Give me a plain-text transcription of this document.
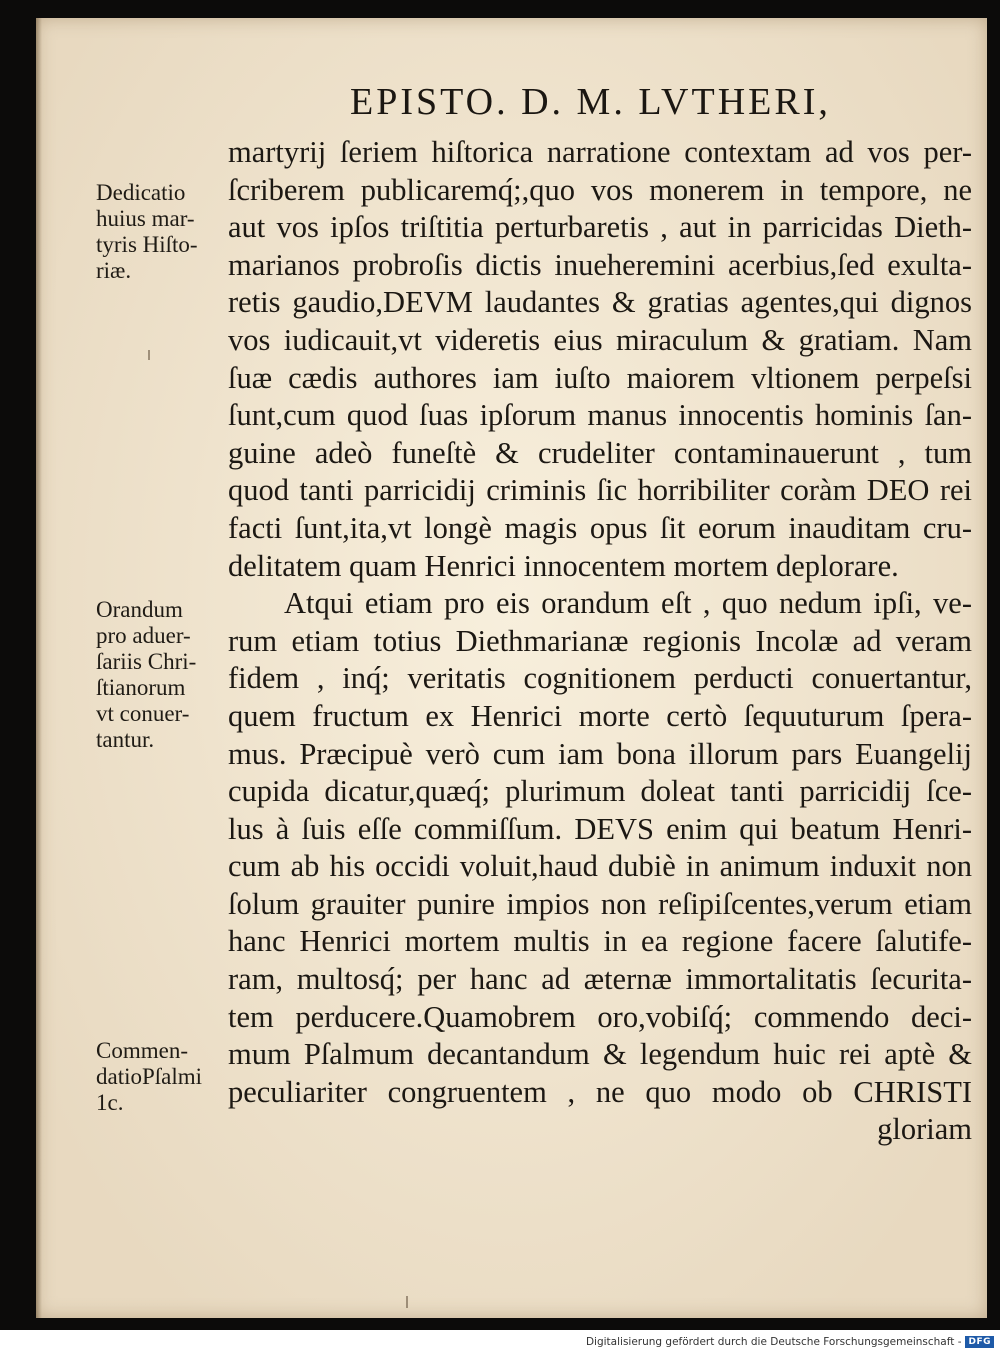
EPISTO. D. M. LVTHERI,
martyrij ſeriem hiſtorica narratione contextam ad vos per-
ſcriberem publicaremq́;,quo vos monerem in tempore, ne
aut vos ipſos triſtitia perturbaretis , aut in parricidas Dieth-
marianos probroſis dictis inueheremini acerbius,ſed exulta-
retis gaudio,DEVM laudantes & gratias agentes,qui dignos
vos iudicauit,vt videretis eius miraculum & gratiam. Nam
ſuæ cædis authores iam iuſto maiorem vltionem perpeſsi
ſunt,cum quod ſuas ipſorum manus innocentis hominis ſan-
guine adeò funeſtè & crudeliter contaminauerunt , tum
quod tanti parricidij criminis ſic horribiliter coràm DEO rei
facti ſunt,ita,vt longè magis opus ſit eorum inauditam cru-
delitatem quam Henrici innocentem mortem deplorare.
Atqui etiam pro eis orandum eſt , quo nedum ipſi, ve-
rum etiam totius Diethmarianæ regionis Incolæ ad veram
fidem , inq́; veritatis cognitionem perducti conuertantur,
quem fructum ex Henrici morte certò ſequuturum ſpera-
mus. Præcipuè verò cum iam bona illorum pars Euangelij
cupida dicatur,quæq́; plurimum doleat tanti parricidij ſce-
lus à ſuis eſſe commiſſum. DEVS enim qui beatum Henri-
cum ab his occidi voluit,haud dubiè in animum induxit non
ſolum grauiter punire impios non reſipiſcentes,verum etiam
hanc Henrici mortem multis in ea regione facere ſalutife-
ram, multosq́; per hanc ad æternæ immortalitatis ſecurita-
tem perducere.Quamobrem oro,vobiſq́; commendo deci-
mum Pſalmum decantandum & legendum huic rei aptè &
peculiariter congruentem , ne quo modo ob CHRISTI
gloriam
Dedicatio
huius mar-
tyris Hiſto-
riæ.
Orandum
pro aduer-
ſariis Chri-
ſtianorum
vt conuer-
tantur.
Commen-
datioPſalmi
1c.
Digitalisierung gefördert durch die Deutsche Forschungsgemeinschaft - DFG
